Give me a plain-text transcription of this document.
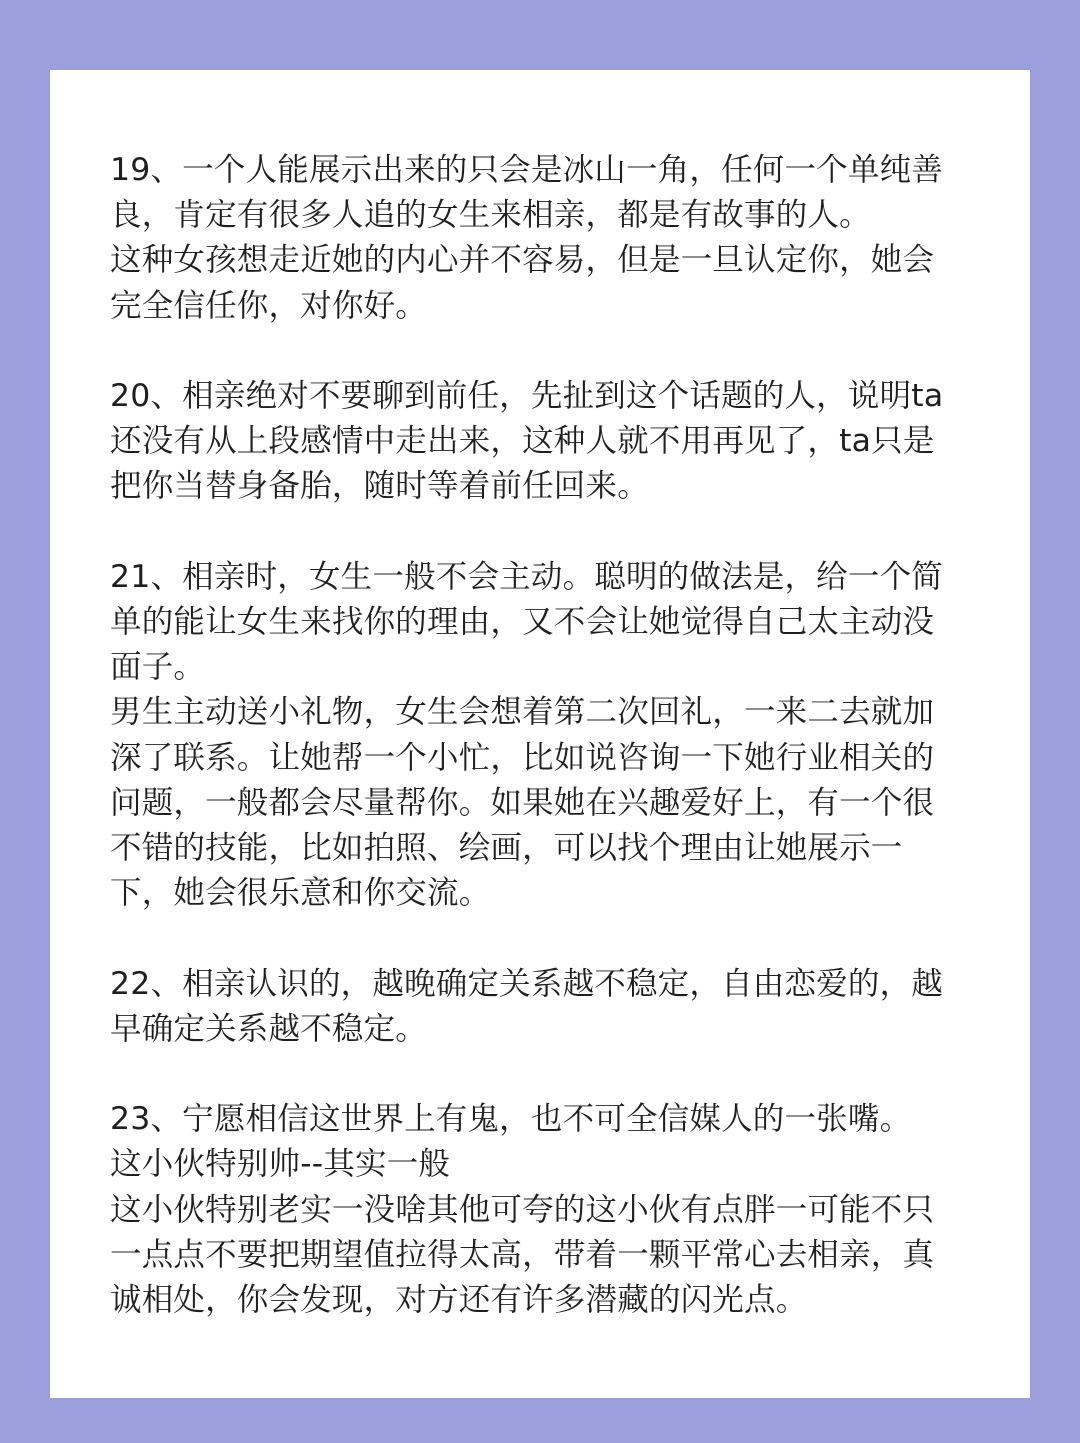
19、一个人能展示出来的只会是冰山一角，任何一个单纯善
良，肯定有很多人追的女生来相亲，都是有故事的人。

这种女孩想走近她的内心并不容易，但是一旦认定你，她会
完全信任你，对你好。

20、相亲绝对不要聊到前任，先扯到这个话题的人，说明ta
还没有从上段感情中走出来，这种人就不用再见了，ta只是
把你当替身备胎，随时等着前任回来。

21、相亲时，女生一般不会主动。聪明的做法是，给一个简
单的能让女生来找你的理由，又不会让她觉得自己太主动没
面子。

男生主动送小礼物，女生会想着第二次回礼，一来二去就加
深了联系。让她帮一个小忙，比如说咨询一下她行业相关的
问题，一般都会尽量帮你。如果她在兴趣爱好上，有一个很
不错的技能，比如拍照、绘画，可以找个理由让她展示一
下，她会很乐意和你交流。

22、相亲认识的，越晚确定关系越不稳定，自由恋爱的，越
早确定关系越不稳定。

23、宁愿相信这世界上有鬼，也不可全信媒人的一张嘴。

这小伙特别帅--其实一般

这小伙特别老实一没啥其他可夸的这小伙有点胖一可能不只
一点点不要把期望值拉得太高，带着一颗平常心去相亲，真
诚相处，你会发现，对方还有许多潜藏的闪光点。
